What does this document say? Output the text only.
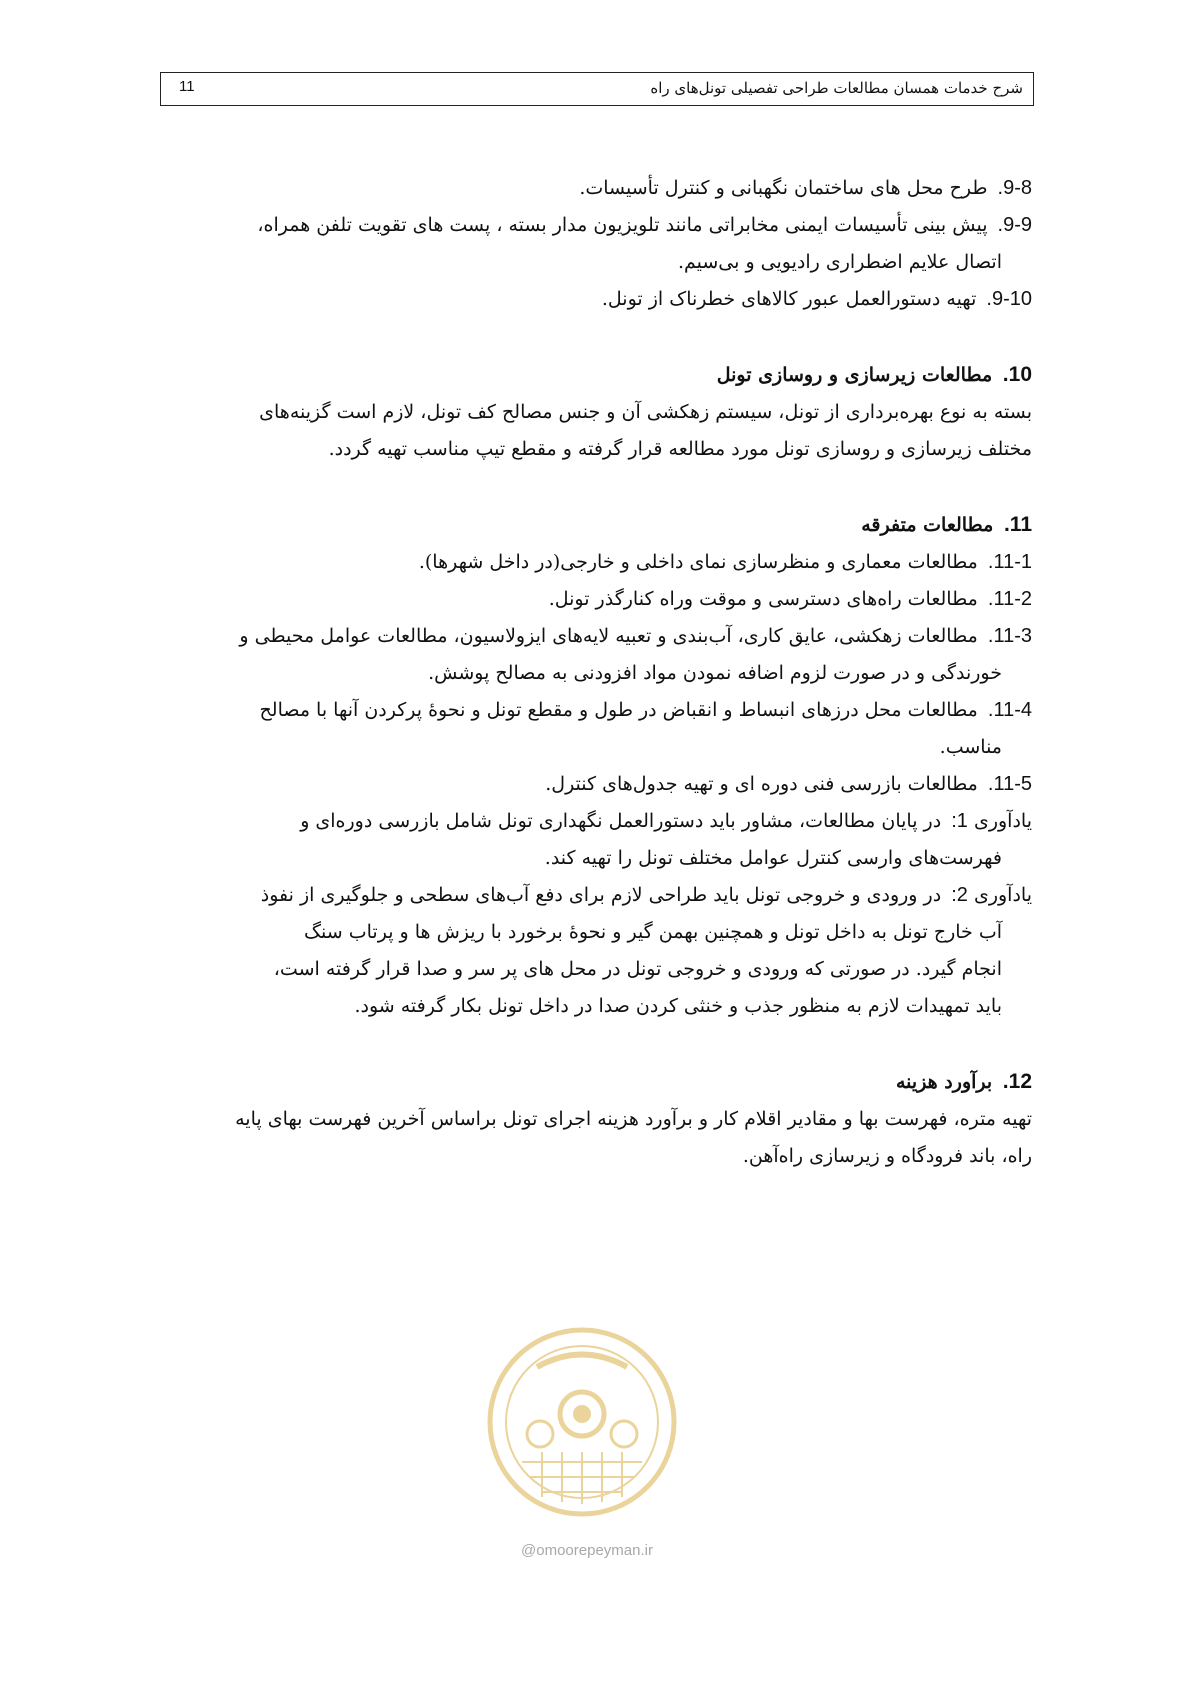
شرح خدمات همسان مطالعات طراحی تفصیلی تونل‌های راه
11
9-8. طرح محل های ساختمان نگهبانی و کنترل تأسیسات.
9-9. پیش بینی تأسیسات ایمنی مخابراتی مانند تلویزیون مدار بسته ، پست های تقویت تلفن همراه،
اتصال علایم اضطراری رادیویی و بی‌سیم.
9-10. تهیه دستورالعمل عبور کالاهای خطرناک از تونل.
10. مطالعات زیرسازی و روسازی تونل
بسته به نوع بهره‌برداری از تونل، سیستم زهکشی آن و جنس مصالح کف تونل، لازم است گزینه‌های
مختلف زیرسازی و روسازی تونل مورد مطالعه قرار گرفته و مقطع تیپ مناسب تهیه گردد.
11. مطالعات متفرقه
11-1. مطالعات معماری و منظرسازی نمای داخلی و خارجی(در داخل شهرها).
11-2. مطالعات راه‌های دسترسی و موقت وراه کنارگذر تونل.
11-3. مطالعات زهکشی، عایق کاری، آب‌بندی و تعبیه لایه‌های ایزولاسیون، مطالعات عوامل محیطی و
خورندگی و در صورت لزوم اضافه نمودن مواد افزودنی به مصالح پوشش.
11-4. مطالعات محل درزهای انبساط و انقباض در طول و مقطع تونل و نحوهٔ پرکردن آنها با مصالح
مناسب.
11-5. مطالعات بازرسی فنی دوره ای و تهیه جدول‌های کنترل.
یادآوری 1: در پایان مطالعات، مشاور باید دستورالعمل نگهداری تونل شامل بازرسی دوره‌ای و
فهرست‌های وارسی کنترل عوامل مختلف تونل را تهیه کند.
یادآوری 2: در ورودی و خروجی تونل باید طراحی لازم برای دفع آب‌های سطحی و جلوگیری از نفوذ
آب خارج تونل به داخل تونل و همچنین بهمن گیر و نحوهٔ برخورد با ریزش ها و پرتاب سنگ
انجام گیرد. در صورتی که ورودی و خروجی تونل در محل های پر سر و صدا قرار گرفته است،
باید تمهیدات لازم به منظور جذب و خنثی کردن صدا در داخل تونل بکار گرفته شود.
12. برآورد هزینه
تهیه متره، فهرست بها و مقادیر اقلام کار و برآورد هزینه اجرای تونل براساس آخرین فهرست بهای پایه
راه، باند فرودگاه و زیرسازی راه‌آهن.
@omoorepeyman.ir
